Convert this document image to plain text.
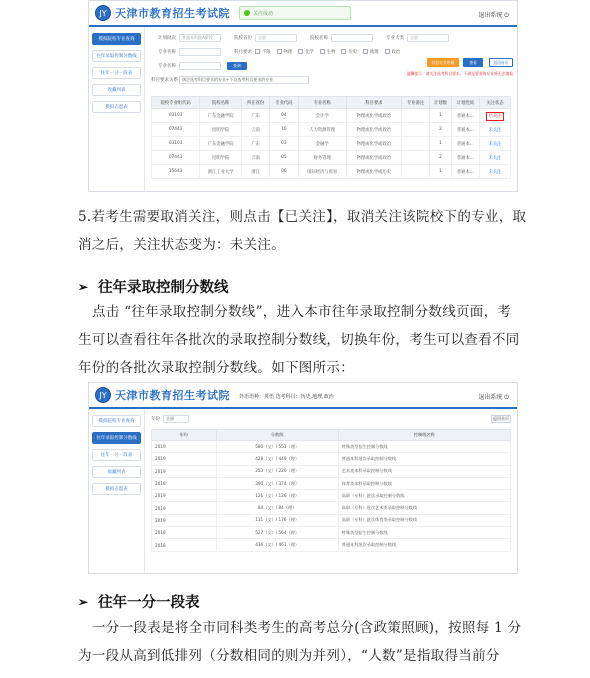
JY 天津市教育招生考试院	关注成功	退出系统 ⏻
模拟院校专业查询
往年录取控制分数线
往年一分一段表
收藏列表
模拟志愿表
计划批次	普通本科批A阶段	院校省份	全部	院校名称	专业大类	全部
专业名称	科目要求	不限	物理	化学	生物	历史	地理	政治
专业名称	查询
科目要求关系	满足选考科目要求的专业+不设选考科目要求的专业
院校专业收藏	查看	返回首页
温馨提示：请关注选考科目要求，不满足要求的专业将无法填报
院校专业组代码	院校名称	所在省份	专业代码	专业名称	科目要求	专业备注	计划数	计划性质	关注状态
03103	广东金融学院	广东	04	会计学	物理或化学或政治		1	普通本...	已关注
07443	昆明学院	云南	10	人力资源管理	物理或化学或政治		2	普通本...	未关注
03103	广东金融学院	广东	03	金融学	物理或化学或政治		1	普通本...	未关注
07443	昆明学院	云南	05	财务管理	物理或化学或政治		2	普通本...	未关注
15643	浙江工业大学	浙江	06	国际经济与贸易	物理或化学或历史		1	普通本...	未关注
5.若考生需要取消关注，则点击【已关注】，取消关注该院校下的专业，取
消之后，关注状态变为：未关注。
➢ 往年录取控制分数线
点击 “往年录取控制分数线”，进入本市往年录取控制分数线页面，考
生可以查看往年各批次的录取控制分数线，切换年份，考生可以查看不同
年份的各批次录取控制分数线。如下图所示：
JY 天津市教育招生考试院 外语语种：英语 选考科目：历史,地理,政治	退出系统 ⏻
模拟院校专业查询
往年录取控制分数线
往年一分一段表
收藏列表
模拟志愿表
年份	全部	返回首页
年份	分数线	控制线名称
2019	580（文）/ 551（理）	特殊类型招生控制分数线
2019	428（文）/ 449（理）	普通本科批次录取控制分数线
2019	253（文）/ 220（理）	艺术类本科录取控制分数线
2019	390（文）/ 374（理）	体育类本科录取控制分数线
2019	126（文）/ 126（理）	高职（专科）批次录取控制分数线
2019	84（文）/ 84（理）	高职（专科）批次艺术类录取控制分数线
2019	131（文）/ 176（理）	高职（专科）批次体育类录取控制分数线
2018	527（文）/ 564（理）	特殊类型招生控制分数线
2018	436（文）/ 461（理）	普通本科批次录取控制分数线
➢ 往年一分一段表
一分一段表是将全市同科类考生的高考总分(含政策照顾)，按照每 1 分
为一段从高到低排列（分数相同的则为并列），“人数”是指取得当前分
